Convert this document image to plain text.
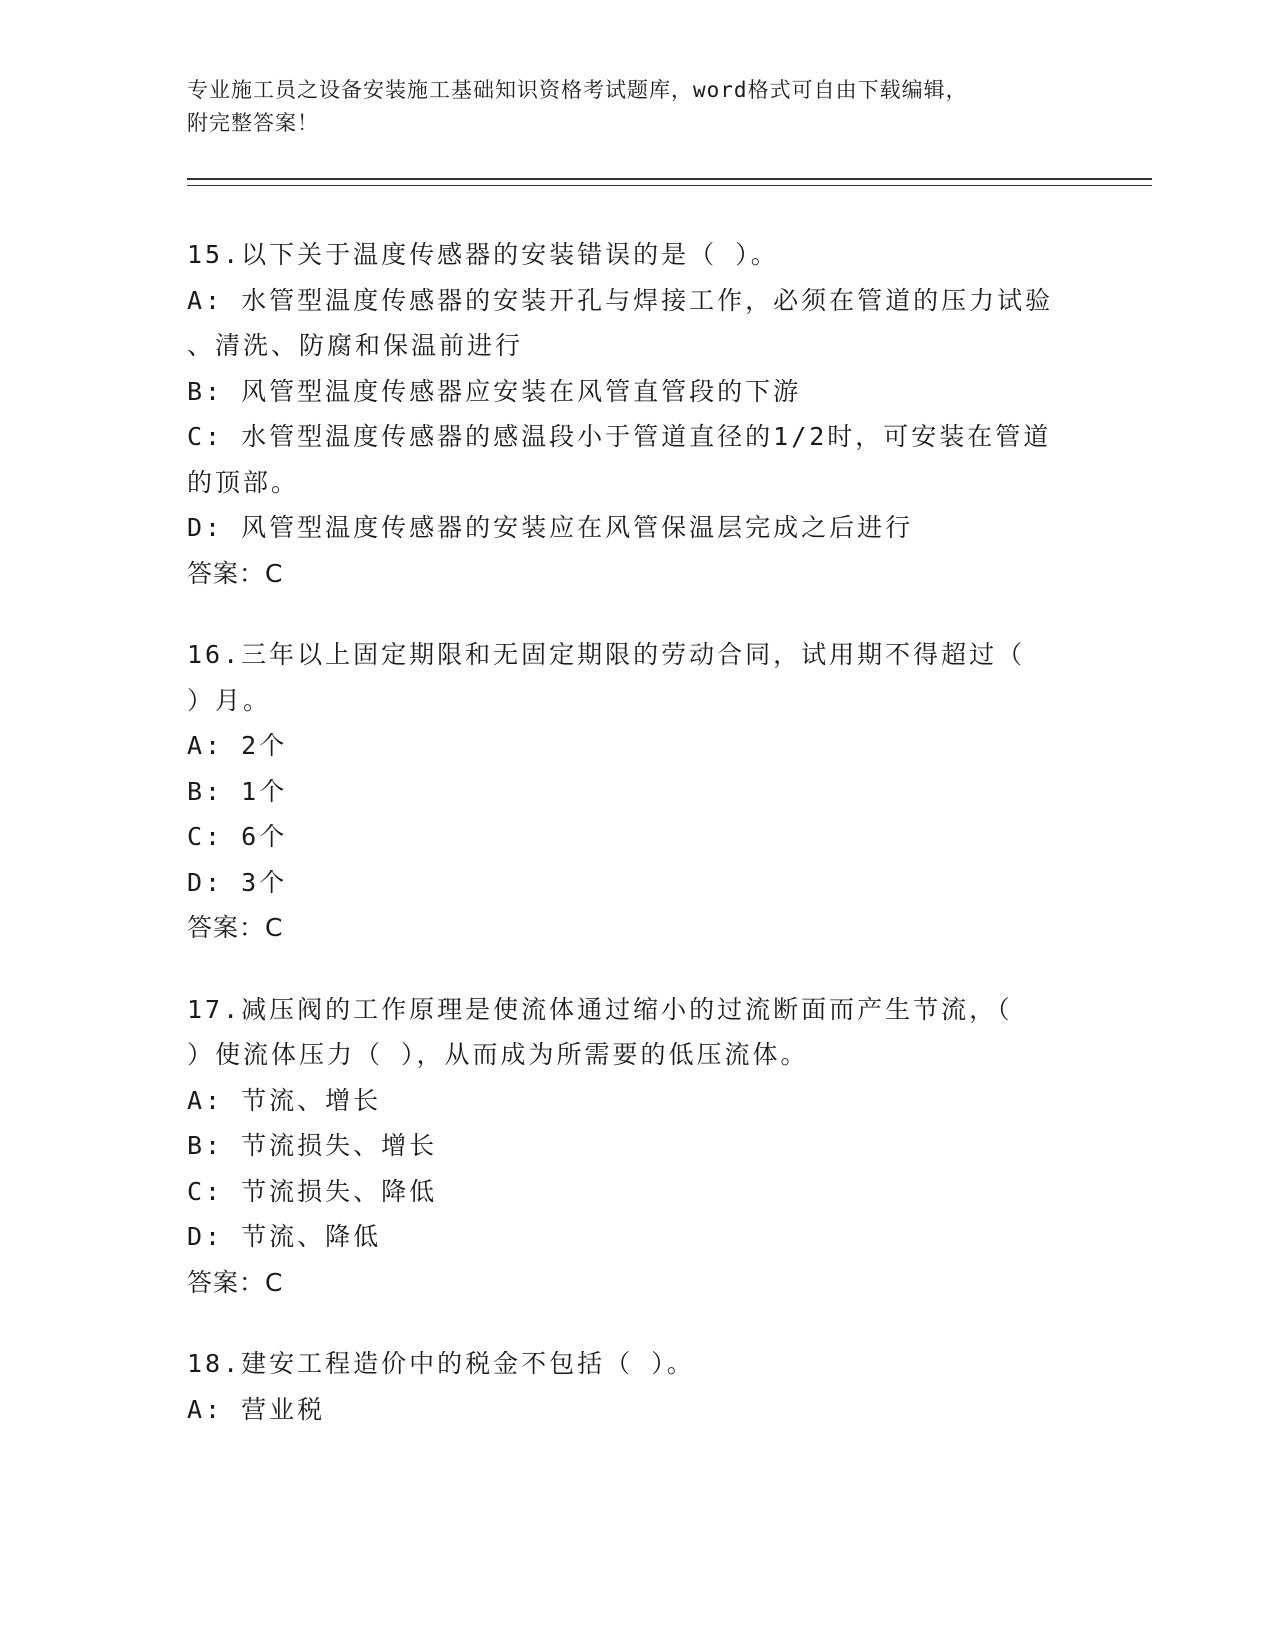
专业施工员之设备安装施工基础知识资格考试题库，word格式可自由下载编辑，
附完整答案！
15.以下关于温度传感器的安装错误的是（ ）。
A: 水管型温度传感器的安装开孔与焊接工作，必须在管道的压力试验
、清洗、防腐和保温前进行
B: 风管型温度传感器应安装在风管直管段的下游
C: 水管型温度传感器的感温段小于管道直径的1/2时，可安装在管道
的顶部。
D: 风管型温度传感器的安装应在风管保温层完成之后进行
答案：C
16.三年以上固定期限和无固定期限的劳动合同，试用期不得超过（
）月。
A: 2个
B: 1个
C: 6个
D: 3个
答案：C
17.减压阀的工作原理是使流体通过缩小的过流断面而产生节流，（
）使流体压力（ ），从而成为所需要的低压流体。
A: 节流、增长
B: 节流损失、增长
C: 节流损失、降低
D: 节流、降低
答案：C
18.建安工程造价中的税金不包括（ ）。
A: 营业税
